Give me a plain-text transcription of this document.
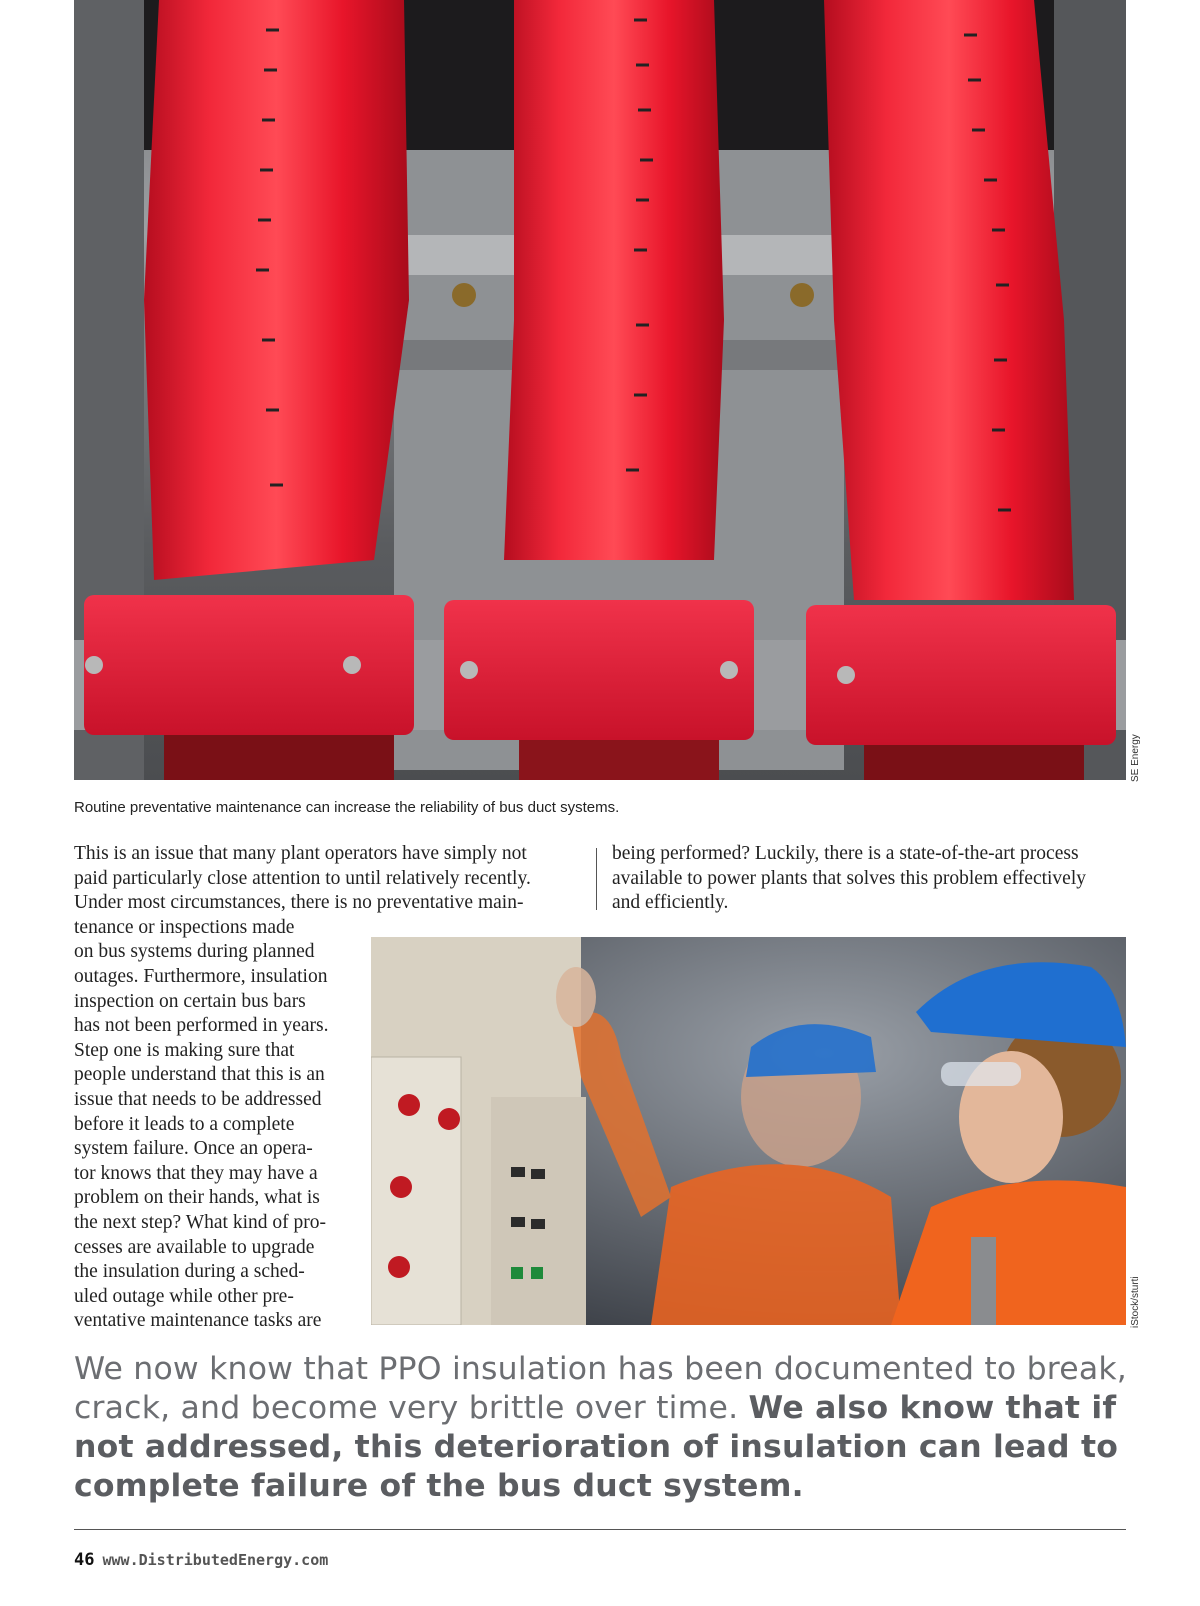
SE Energy
Routine preventative maintenance can increase the reliability of bus duct systems.
This is an issue that many plant operators have simply not
paid particularly close attention to until relatively recently.
Under most circumstances, there is no preventative main-
being performed? Luckily, there is a state-of-the-art process
available to power plants that solves this problem effectively
and efficiently.
tenance or inspections made
on bus systems during planned
outages. Furthermore, insulation
inspection on certain bus bars
has not been performed in years.
Step one is making sure that
people understand that this is an
issue that needs to be addressed
before it leads to a complete
system failure. Once an opera-
tor knows that they may have a
problem on their hands, what is
the next step? What kind of pro-
cesses are available to upgrade
the insulation during a sched-
uled outage while other pre-
ventative maintenance tasks are	iStock/sturti
We now know that PPO insulation has been documented to break, crack, and become very brittle over time. We also know that if not addressed, this deterioration of insulation can lead to complete failure of the bus duct system.
46 www.DistributedEnergy.com
